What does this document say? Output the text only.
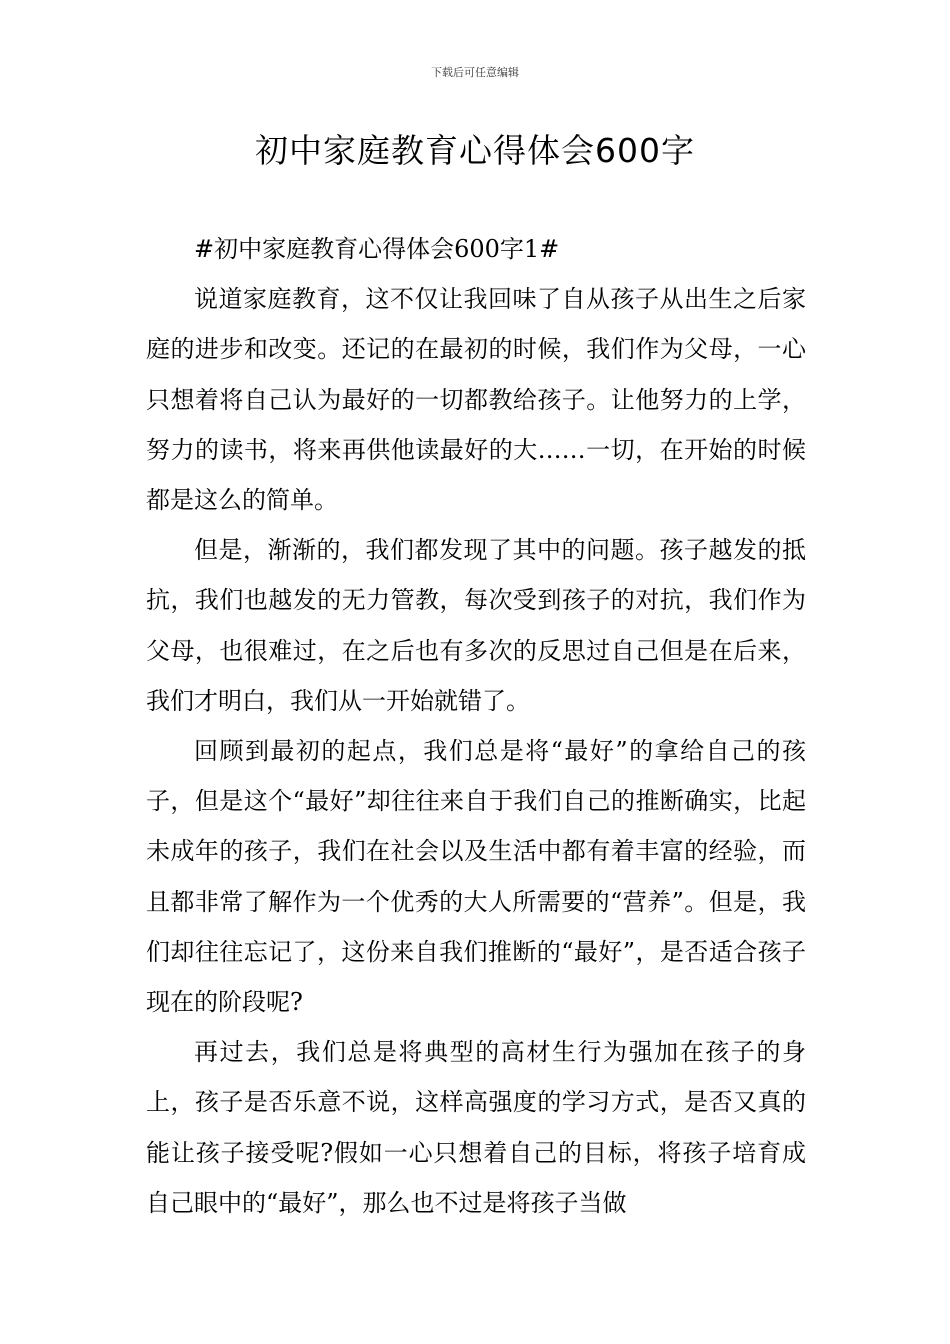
下载后可任意编辑
初中家庭教育心得体会600字

#初中家庭教育心得体会600字1#

说道家庭教育，这不仅让我回味了自从孩子从出生之后家庭的进步和改变。还记的在最初的时候，我们作为父母，一心只想着将自己认为最好的一切都教给孩子。让他努力的上学，努力的读书，将来再供他读最好的大……一切，在开始的时候都是这么的简单。

但是，渐渐的，我们都发现了其中的问题。孩子越发的抵抗，我们也越发的无力管教，每次受到孩子的对抗，我们作为父母，也很难过，在之后也有多次的反思过自己但是在后来，我们才明白，我们从一开始就错了。

回顾到最初的起点，我们总是将“最好”的拿给自己的孩子，但是这个“最好”却往往来自于我们自己的推断确实，比起未成年的孩子，我们在社会以及生活中都有着丰富的经验，而且都非常了解作为一个优秀的大人所需要的“营养”。但是，我们却往往忘记了，这份来自我们推断的“最好”，是否适合孩子现在的阶段呢?

再过去，我们总是将典型的高材生行为强加在孩子的身上，孩子是否乐意不说，这样高强度的学习方式，是否又真的能让孩子接受呢?假如一心只想着自己的目标，将孩子培育成自己眼中的“最好”，那么也不过是将孩子当做
